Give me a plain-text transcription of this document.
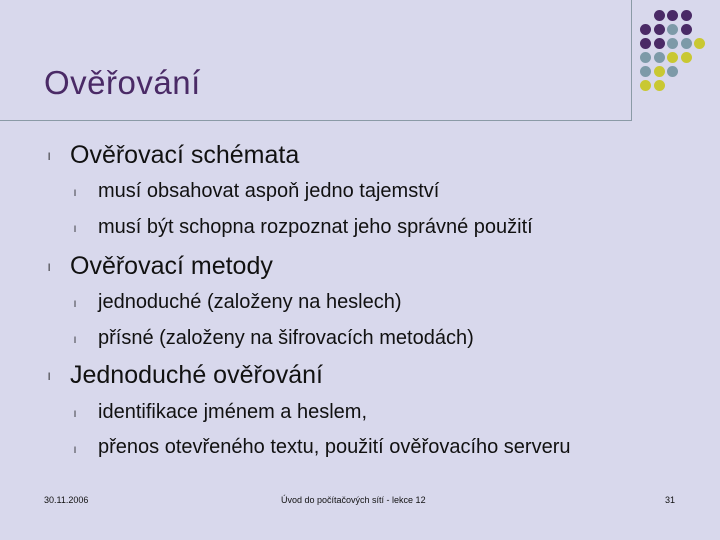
Ověřování
l Ověřovací schémata
l musí obsahovat aspoň jedno tajemství
l musí být schopna rozpoznat jeho správné použití
l Ověřovací metody
l jednoduché (založeny na heslech)
l přísné (založeny na šifrovacích metodách)
l Jednoduché ověřování
l identifikace jménem a heslem,
l přenos otevřeného textu, použití ověřovacího serveru
30.11.2006	Úvod do počítačových sítí - lekce 12	31
